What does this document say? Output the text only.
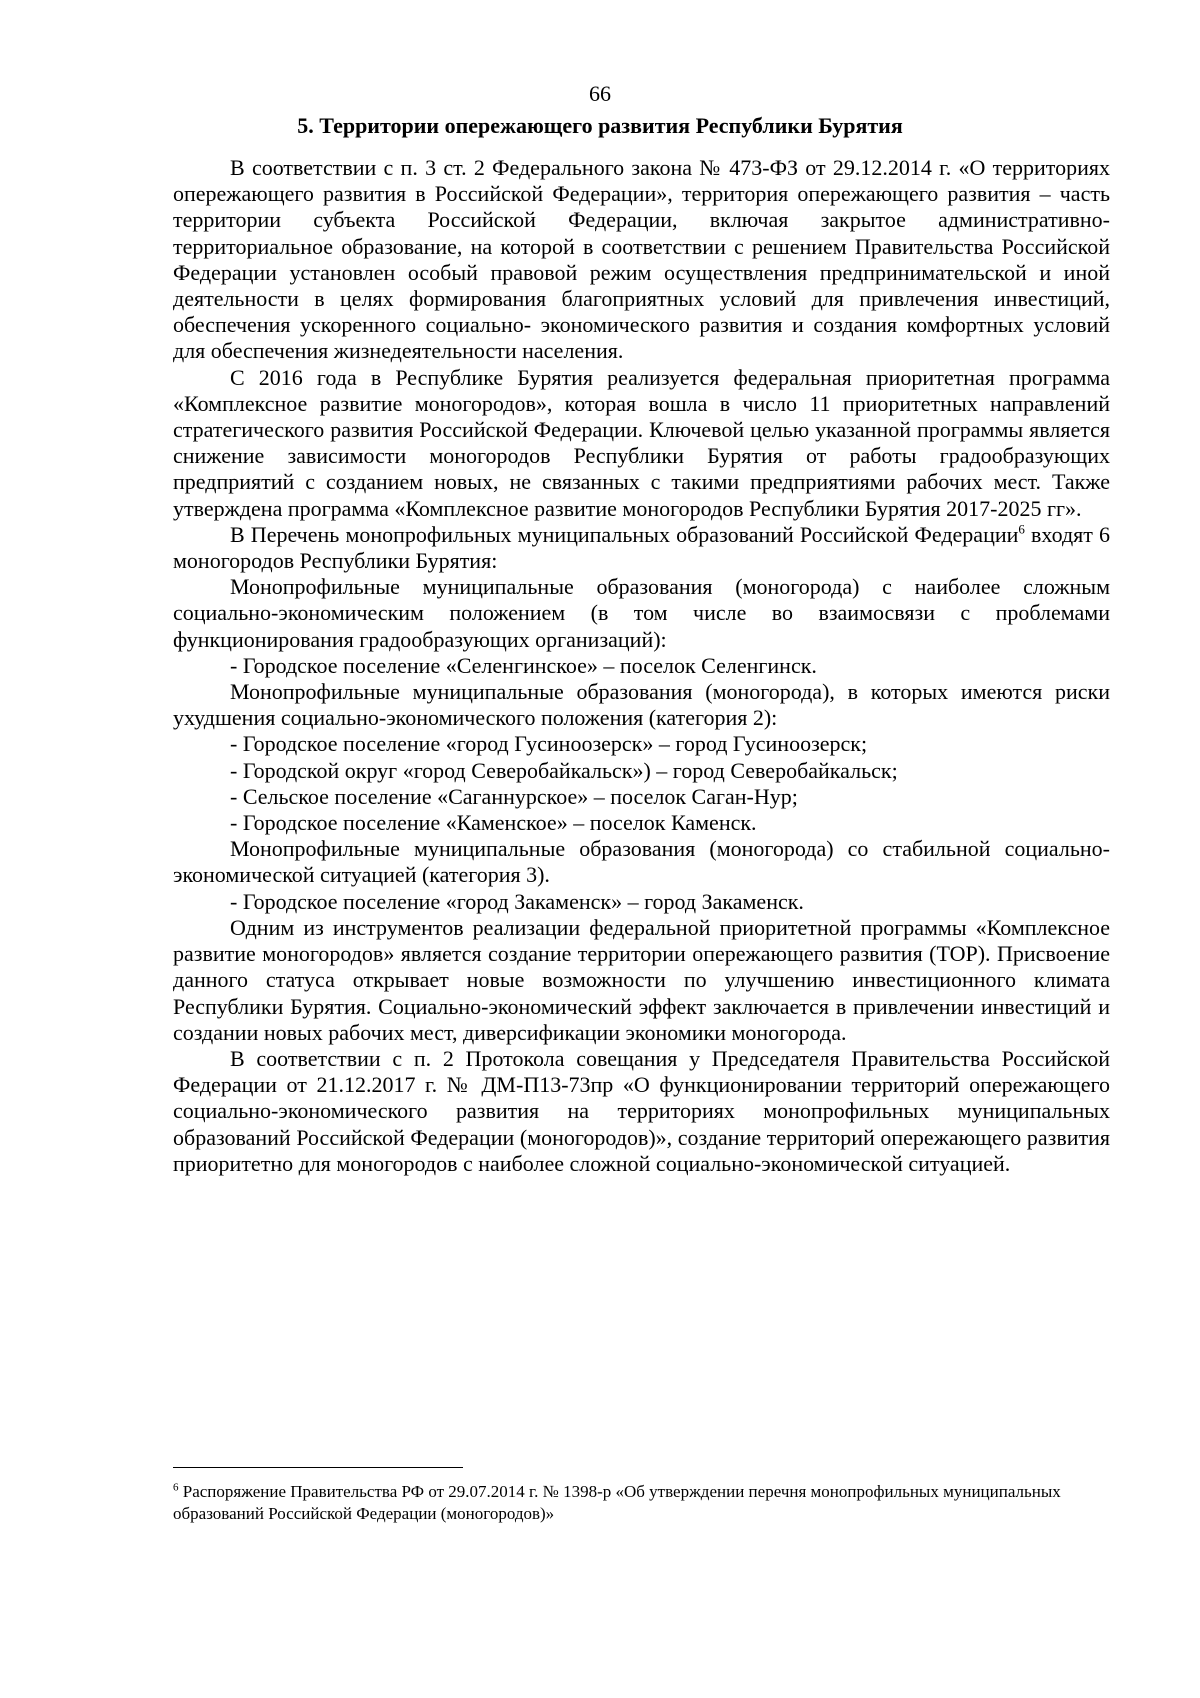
66
5. Территории опережающего развития Республики Бурятия

В соответствии с п. 3 ст. 2 Федерального закона № 473-ФЗ от 29.12.2014 г. «О территориях опережающего развития в Российской Федерации», территория опережающего развития – часть территории субъекта Российской Федерации, включая закрытое административно- территориальное образование, на которой в соответствии с решением Правительства Российской Федерации установлен особый правовой режим осуществления предпринимательской и иной деятельности в целях формирования благоприятных условий для привлечения инвестиций, обеспечения ускоренного социально- экономического развития и создания комфортных условий для обеспечения жизнедеятельности населения.

С 2016 года в Республике Бурятия реализуется федеральная приоритетная программа «Комплексное развитие моногородов», которая вошла в число 11 приоритетных направлений стратегического развития Российской Федерации. Ключевой целью указанной программы является снижение зависимости моногородов Республики Бурятия от работы градообразующих предприятий с созданием новых, не связанных с такими предприятиями рабочих мест. Также утверждена программа «Комплексное развитие моногородов Республики Бурятия 2017-2025 гг».

В Перечень монопрофильных муниципальных образований Российской Федерации$^6$ входят 6 моногородов Республики Бурятия:

Монопрофильные муниципальные образования (моногорода) с наиболее сложным социально-экономическим положением (в том числе во взаимосвязи с проблемами функционирования градообразующих организаций):

- Городское поселение «Селенгинское» – поселок Селенгинск.

Монопрофильные муниципальные образования (моногорода), в которых имеются риски ухудшения социально-экономического положения (категория 2):

- Городское поселение «город Гусиноозерск» – город Гусиноозерск;

- Городской округ «город Северобайкальск») – город Северобайкальск;

- Сельское поселение «Саганнурское» – поселок Саган-Нур;

- Городское поселение «Каменское» – поселок Каменск.

Монопрофильные муниципальные образования (моногорода) со стабильной социально-экономической ситуацией (категория 3).

- Городское поселение «город Закаменск» – город Закаменск.

Одним из инструментов реализации федеральной приоритетной программы «Комплексное развитие моногородов» является создание территории опережающего развития (ТОР). Присвоение данного статуса открывает новые возможности по улучшению инвестиционного климата Республики Бурятия. Социально-экономический эффект заключается в привлечении инвестиций и создании новых рабочих мест, диверсификации экономики моногорода.

В соответствии с п. 2 Протокола совещания у Председателя Правительства Российской Федерации от 21.12.2017 г. № ДМ-П13-73пр «О функционировании территорий опережающего социально-экономического развития на территориях монопрофильных муниципальных образований Российской Федерации (моногородов)», создание территорий опережающего развития приоритетно для моногородов с наиболее сложной социально-экономической ситуацией.

$^6$ Распоряжение Правительства РФ от 29.07.2014 г. № 1398-р «Об утверждении перечня монопрофильных муниципальных образований Российской Федерации (моногородов)»
